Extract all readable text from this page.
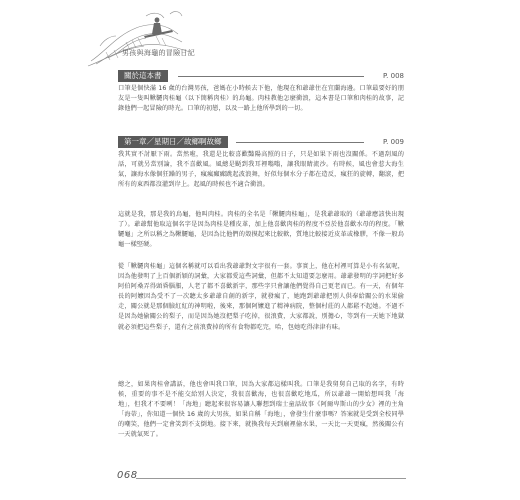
男孩與海龜的冒險日記
關於這本書	P. 008
口筆是個快滿 16 歲的台灣男孩，爸媽在小時候去下他，他現在和爺爺住在宜蘭海邊。口筆最要好的朋友是一隻叫鞦韆肉桂龜（以下簡稱肉桂）的烏龜。肉桂教他怎麼衝浪，這本書是口筆和肉桂的故事，記錄他們一起冒險的時光。口筆的初戀，以及一路上他所學到的一切。
第一章／星期日／故鄉啊故鄉	P. 009
我其實不討厭下雨。當然啦，我還是比較喜歡豔陽高照的日子，只是如果下雨也沒關係。不過刮風的話，可就另當別論，我不喜歡風。風總是颳到我耳裡嗡嗡，讓我眼睛流沙。有時候，風也會惹大海生氣，讓海水像個狂躁的男子，瘋瘋癲癲跳起波浪舞，好似每個水分子都在造反，瘋狂的旋轉，翻滾，把所有的東西都沒灌到岸上。起風的時候也不適合衝浪。
這就是我，那是我的烏龜，他叫肉桂。肉桂的全名是「鞦韆肉桂龜」，是我爺爺取的（爺爺應該快出現了）。爺爺幫他取這個名字是因為肉桂是種皮革，加上他喜歡肉桂的程度不亞於他喜歡水母的程度。「鞦韆龜」之所以稱之為鞦韆龜，是因為比他們的殼摸起來比較軟，質地比較接近皮革或橡膠，不像一般烏龜一樣堅硬。
從「鞦韆肉桂龜」這個名稱就可以看出我爺爺對文字很有一套。事實上，他在村裡可算是小有名氣呢，因為他發明了上百個新穎的詞彙，大家都愛這些詞彙，但都不太知道要怎麼用。爺爺發明的字詞把好多阿伯阿桑弄得頭昏腦脹，人老了都不喜歡新字，那些字只會讓他們覺得自己更老而已。有一天，有個年長的阿嬤因為受不了一次聽太多爺爺自創的新字，就發瘋了，她跑到爺爺把別人供奉給關公的水果偷走，關公就是那個臉紅紅的神明啦，後來，那個阿嬤進了精神病院，整個村莊的人都鬆不起她。不過不是因為她偷關公的梨子，而是因為她沒把梨子吃掉，很浪費，大家都說，別擔心，等到有一天她下地獄就必須把這些梨子，還有之前浪費掉的所有食物都吃完，哈，包她吃得津津有味。
總之，如果肉桂會講話，他也會叫我口筆，因為大家都這樣叫我。口筆是我舅舅自己取的名字，有時候，重要的事不是不能交給別人決定，我很喜歡海，也很喜歡吃地瓜，所以爺爺一開始想叫我「海地」，但我才不要咧！「海地」聽起來很容易讓人聯想到瑞士童話故事《阿爾卑斯山的少女》裡的主角「海蒂」，你知道一個快 16 歲的大男孩，如果自稱「海地」，會發生什麼事嗎？答案就是受到全校同學的嘲笑，他們一定會笑到不支倒地。接下來，就換我每天到廟裡偷水果，一天比一天更瘋，然後關公有一天就氣死了。
068
